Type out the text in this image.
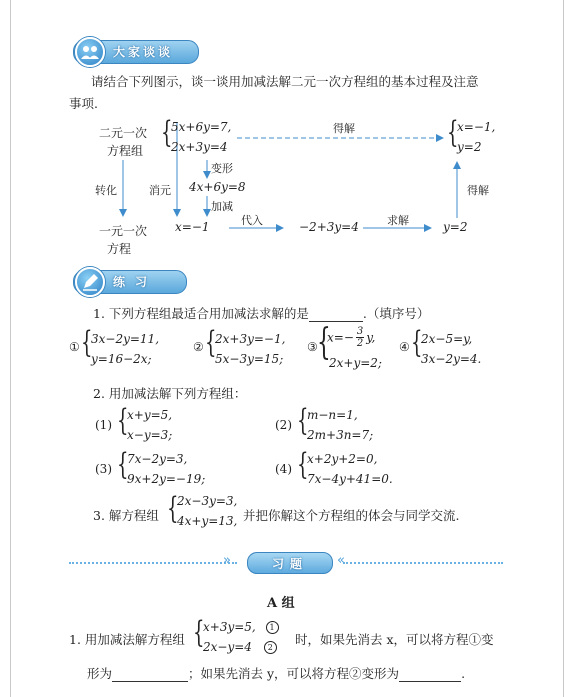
大家谈谈
请结合下列图示，谈一谈用加减法解二元一次方程组的基本过程及注意
事项.
二元一次
方程组
{
5x+6y=7,
2x+3y=4
得解	{
x=−1,
y=2
转化	消元
变形
4x+6y=8
加减
得解
一元一次
方程
x=−1	代入	−2+3y=4	求解	y=2
练习
1. 下列方程组最适合用加减法求解的是	.（填序号）
① {
3x−2y=11,
y=16−2x;
② {
2x+3y=−1,
5x−3y=15;
③ {
$x=- \frac{3}{2} y$,
2x+y=2;
④ {
2x−5=y,
3x−2y=4.
2. 用加减法解下列方程组：
(1) {
x+y=5,
x−y=3;
(2) {
m−n=1,
2m+3n=7;
(3) {
7x−2y=3,
9x+2y=−19;
(4) {
x+2y+2=0,
7x−4y+41=0.
3. 解方程组 {
2x−3y=3,
4x+y=13, 并把你解这个方程组的体会与同学交流.
»	«
习题
A 组
1. 用加减法解方程组 {
x+3y=5, 1
2x−y=4 2
时，如果先消去 x，可以将方程①变
形为	；如果先消去 y，可以将方程②变形为	.
